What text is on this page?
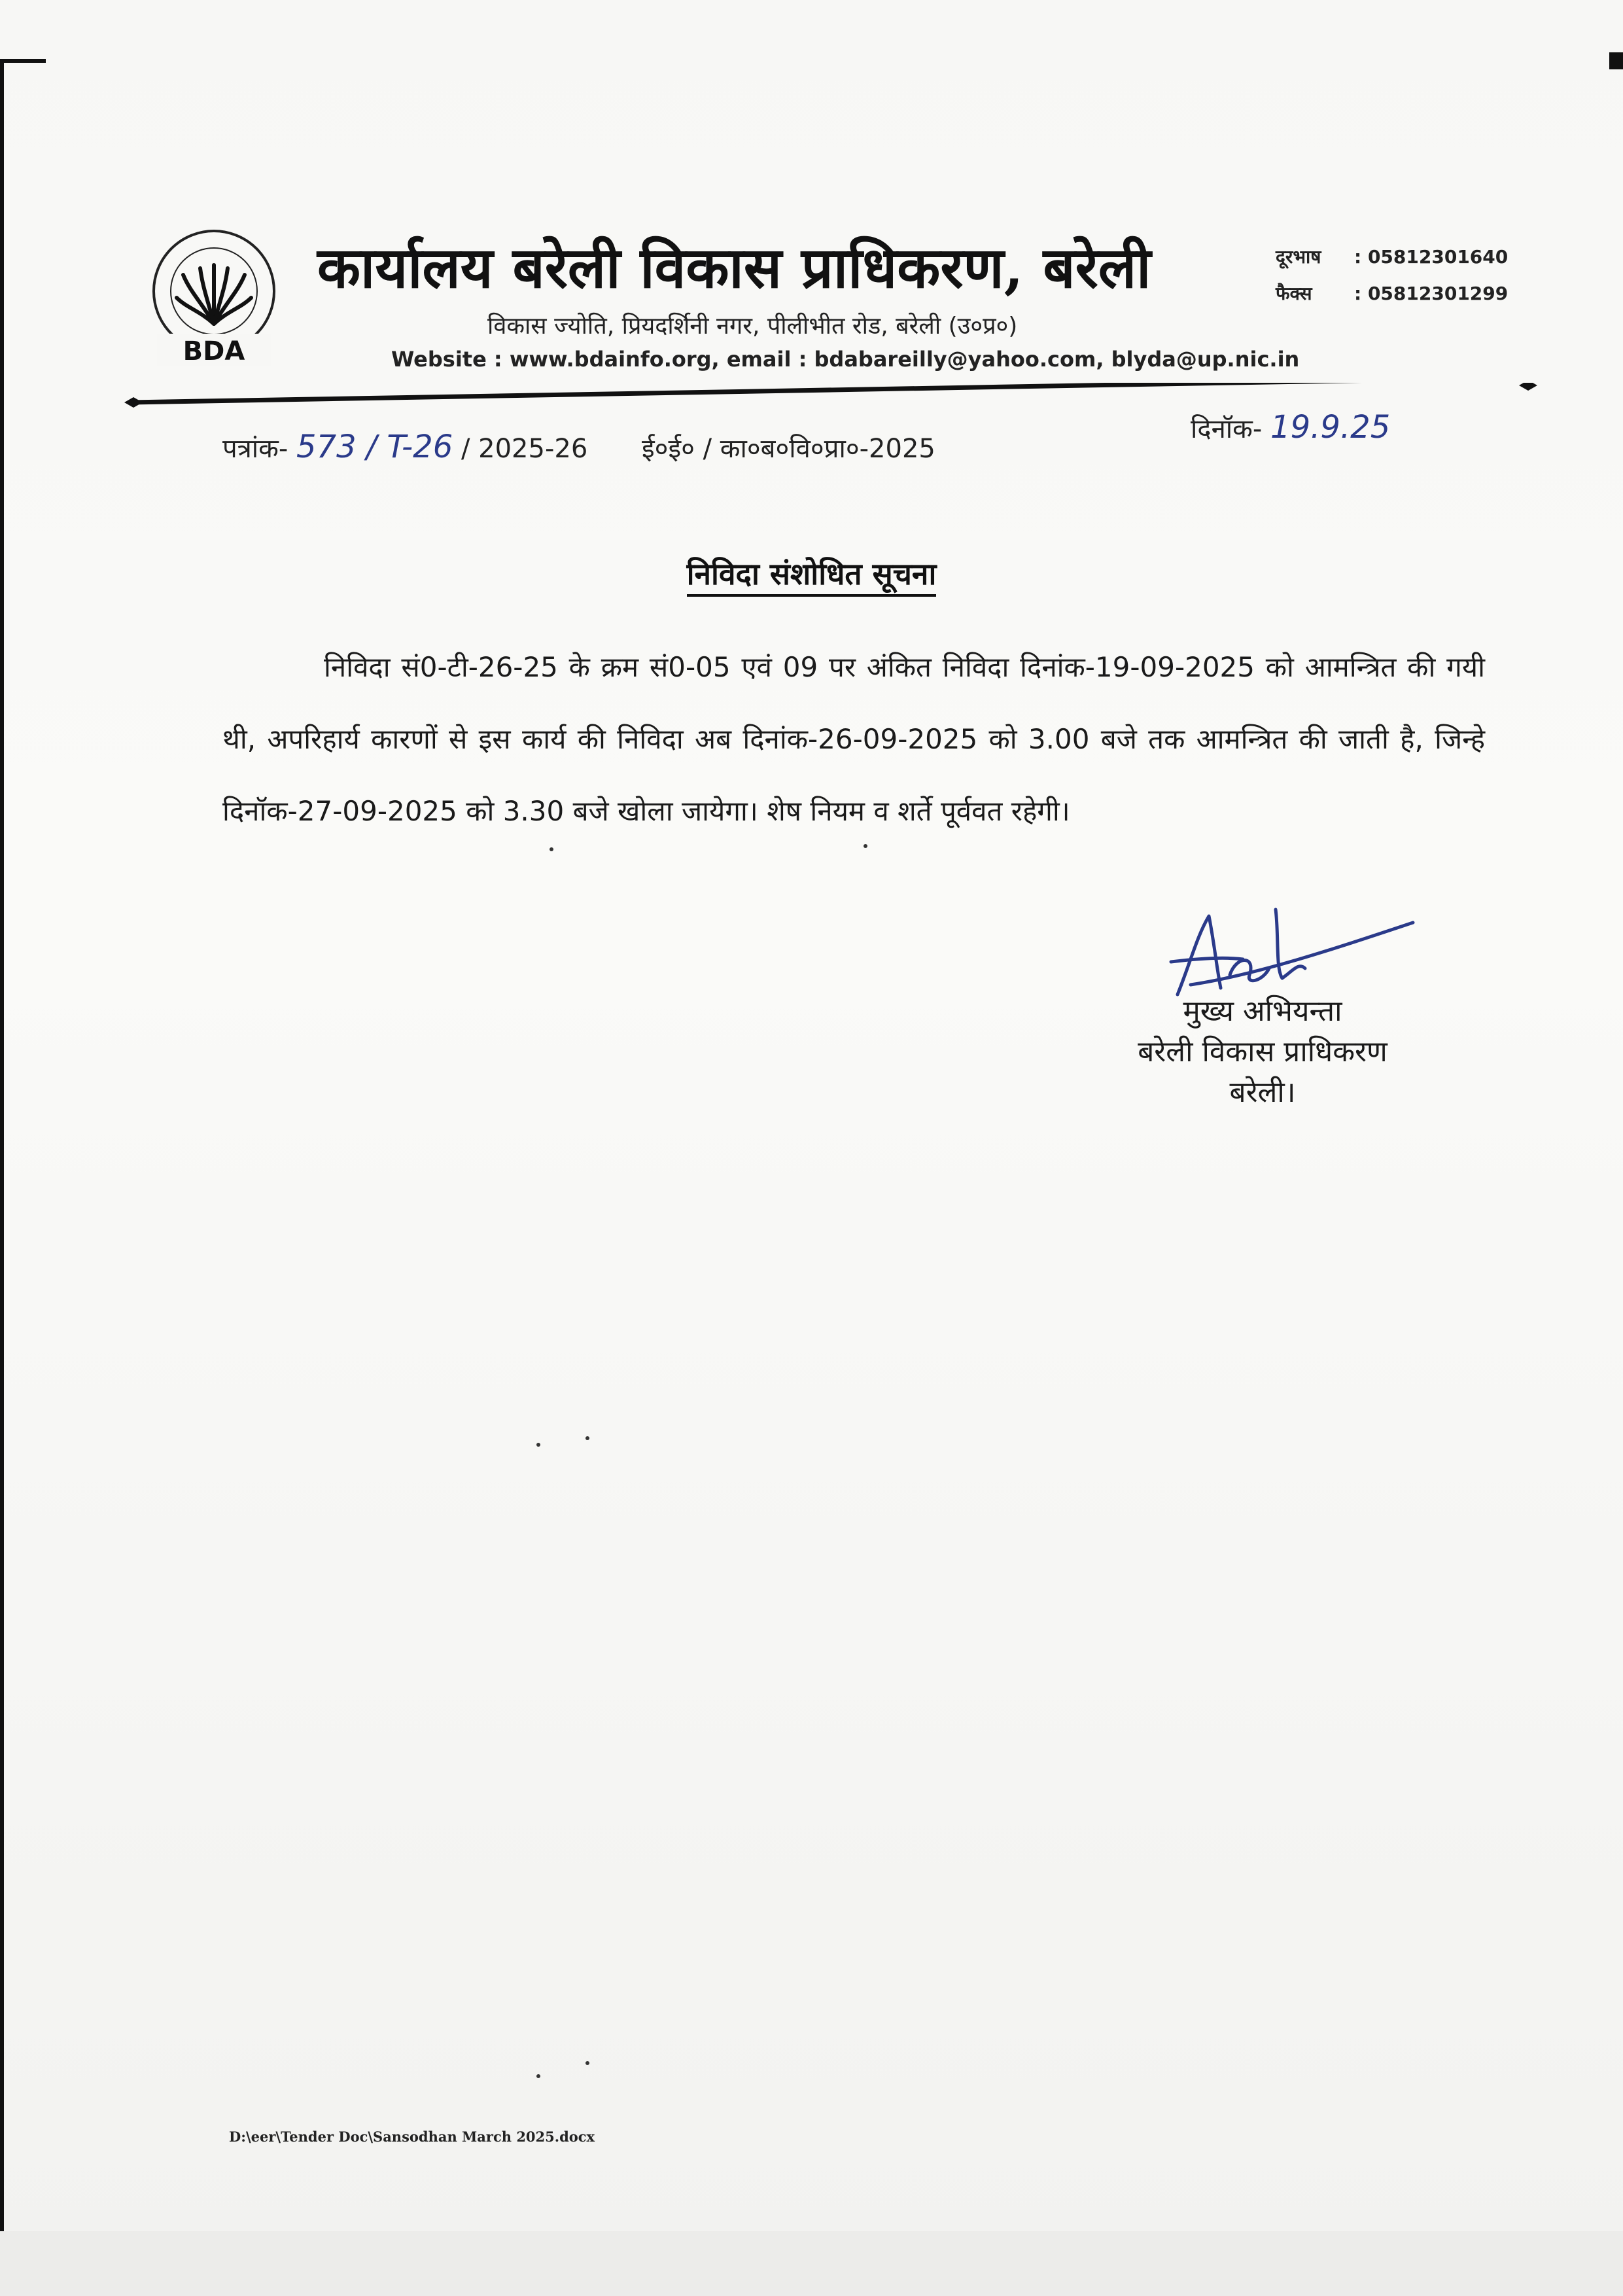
BDA
कार्यालय बरेली विकास प्राधिकरण, बरेली
विकास ज्योति, प्रियदर्शिनी नगर, पीलीभीत रोड, बरेली (उ०प्र०)
Website : www.bdainfo.org, email : bdabareilly@yahoo.com, blyda@up.nic.in
दूरभाष : 05812301640
फैक्स : 05812301299
पत्रांक- 573 / T-26 / 2025-26 ई०ई० / का०ब०वि०प्रा०-2025
दिनॉक- 19.9.25
निविदा संशोधित सूचना
निविदा सं0-टी-26-25 के क्रम सं0-05 एवं 09 पर अंकित निविदा दिनांक-19-09-2025 को आमन्त्रित की गयी थी, अपरिहार्य कारणों से इस कार्य की निविदा अब दिनांक-26-09-2025 को 3.00 बजे तक आमन्त्रित की जाती है, जिन्हे दिनॉक-27-09-2025 को 3.30 बजे खोला जायेगा। शेष नियम व शर्ते पूर्ववत रहेगी।
मुख्य अभियन्ता
बरेली विकास प्राधिकरण
बरेली।
D:\eer\Tender Doc\Sansodhan March 2025.docx
